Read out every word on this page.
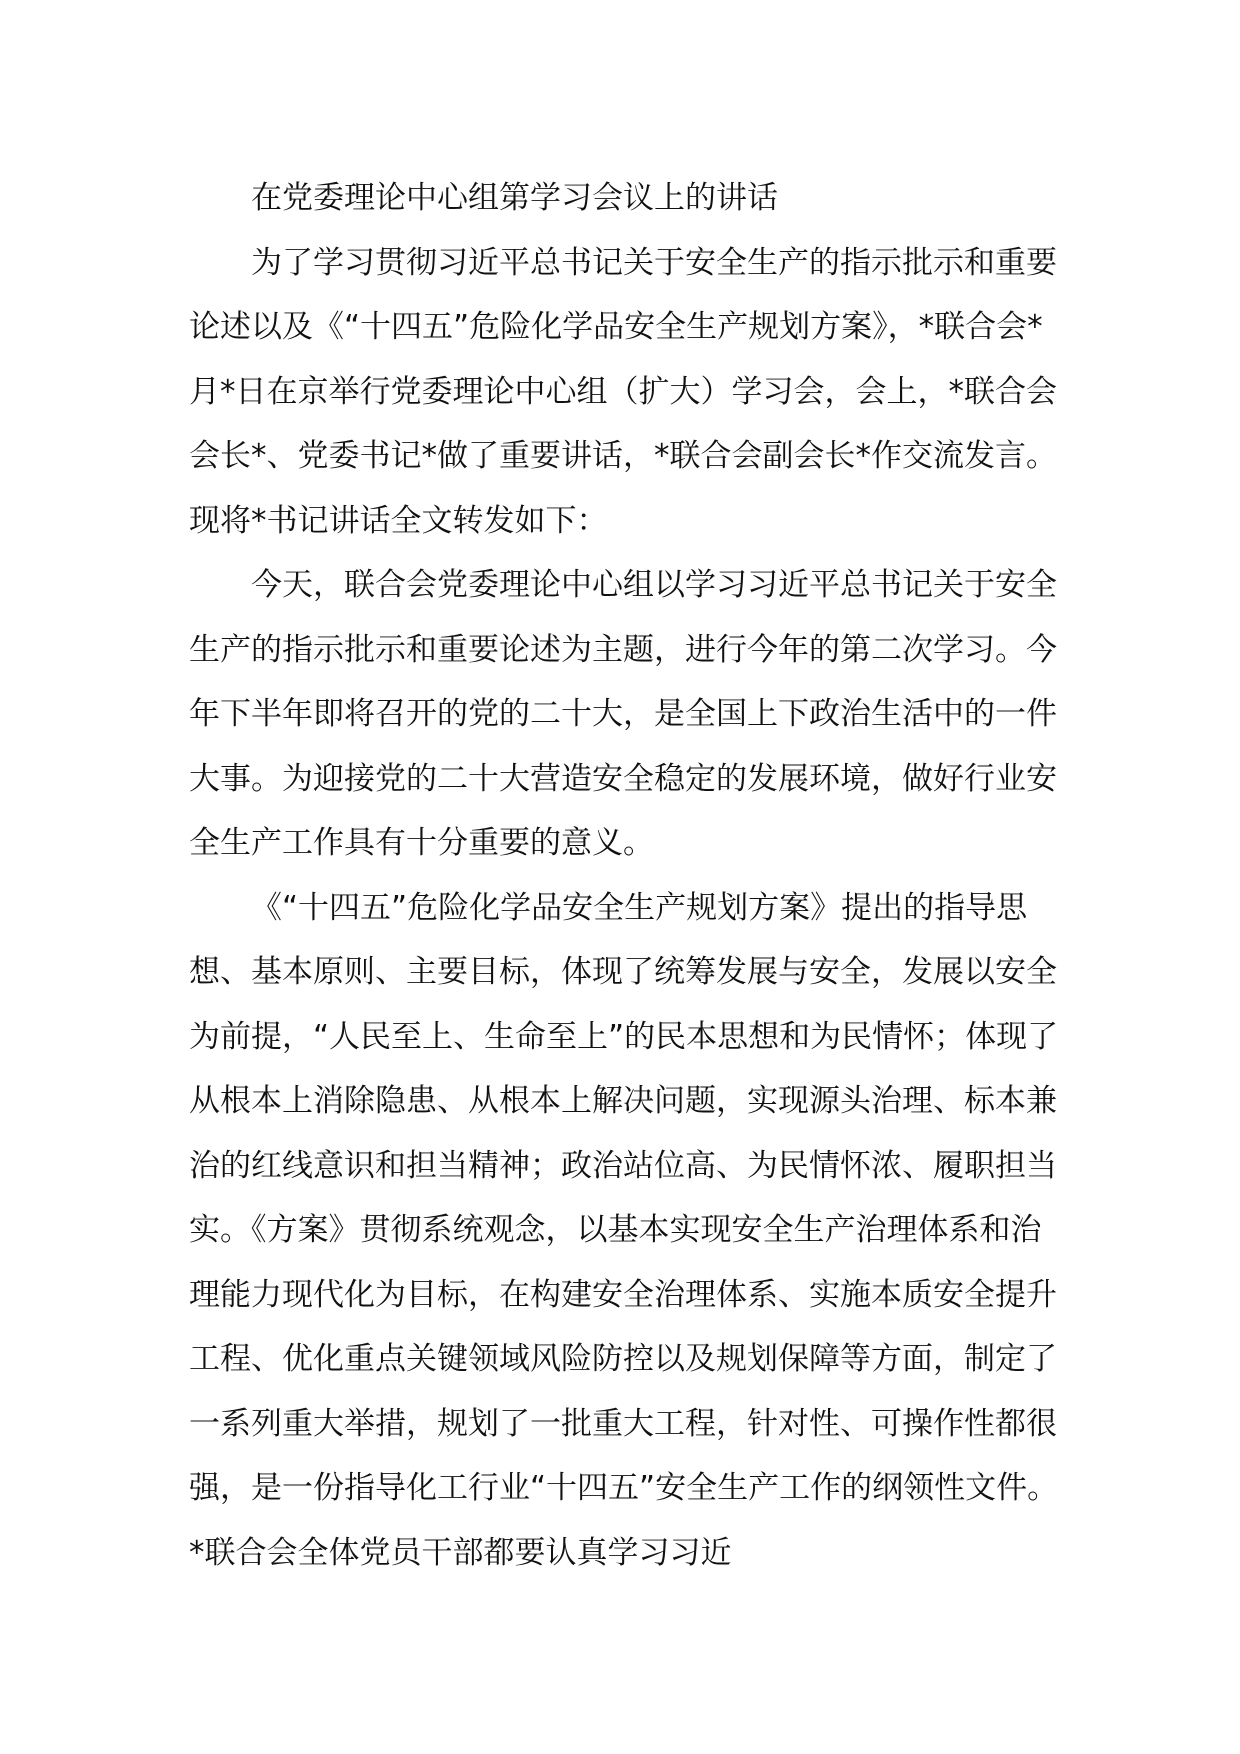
在党委理论中心组第学习会议上的讲话

为了学习贯彻习近平总书记关于安全生产的指示批示和重要论述以及《“十四五”危险化学品安全生产规划方案》，*联合会*月*日在京举行党委理论中心组（扩大）学习会，会上，*联合会会长*、党委书记*做了重要讲话，*联合会副会长*作交流发言。现将*书记讲话全文转发如下：

今天，联合会党委理论中心组以学习习近平总书记关于安全生产的指示批示和重要论述为主题，进行今年的第二次学习。今年下半年即将召开的党的二十大，是全国上下政治生活中的一件大事。为迎接党的二十大营造安全稳定的发展环境，做好行业安全生产工作具有十分重要的意义。

《“十四五”危险化学品安全生产规划方案》提出的指导思想、基本原则、主要目标，体现了统筹发展与安全，发展以安全为前提，“人民至上、生命至上”的民本思想和为民情怀；体现了从根本上消除隐患、从根本上解决问题，实现源头治理、标本兼治的红线意识和担当精神；政治站位高、为民情怀浓、履职担当实。《方案》贯彻系统观念，以基本实现安全生产治理体系和治理能力现代化为目标，在构建安全治理体系、实施本质安全提升工程、优化重点关键领域风险防控以及规划保障等方面，制定了一系列重大举措，规划了一批重大工程，针对性、可操作性都很强，是一份指导化工行业“十四五”安全生产工作的纲领性文件。*联合会全体党员干部都要认真学习习近
